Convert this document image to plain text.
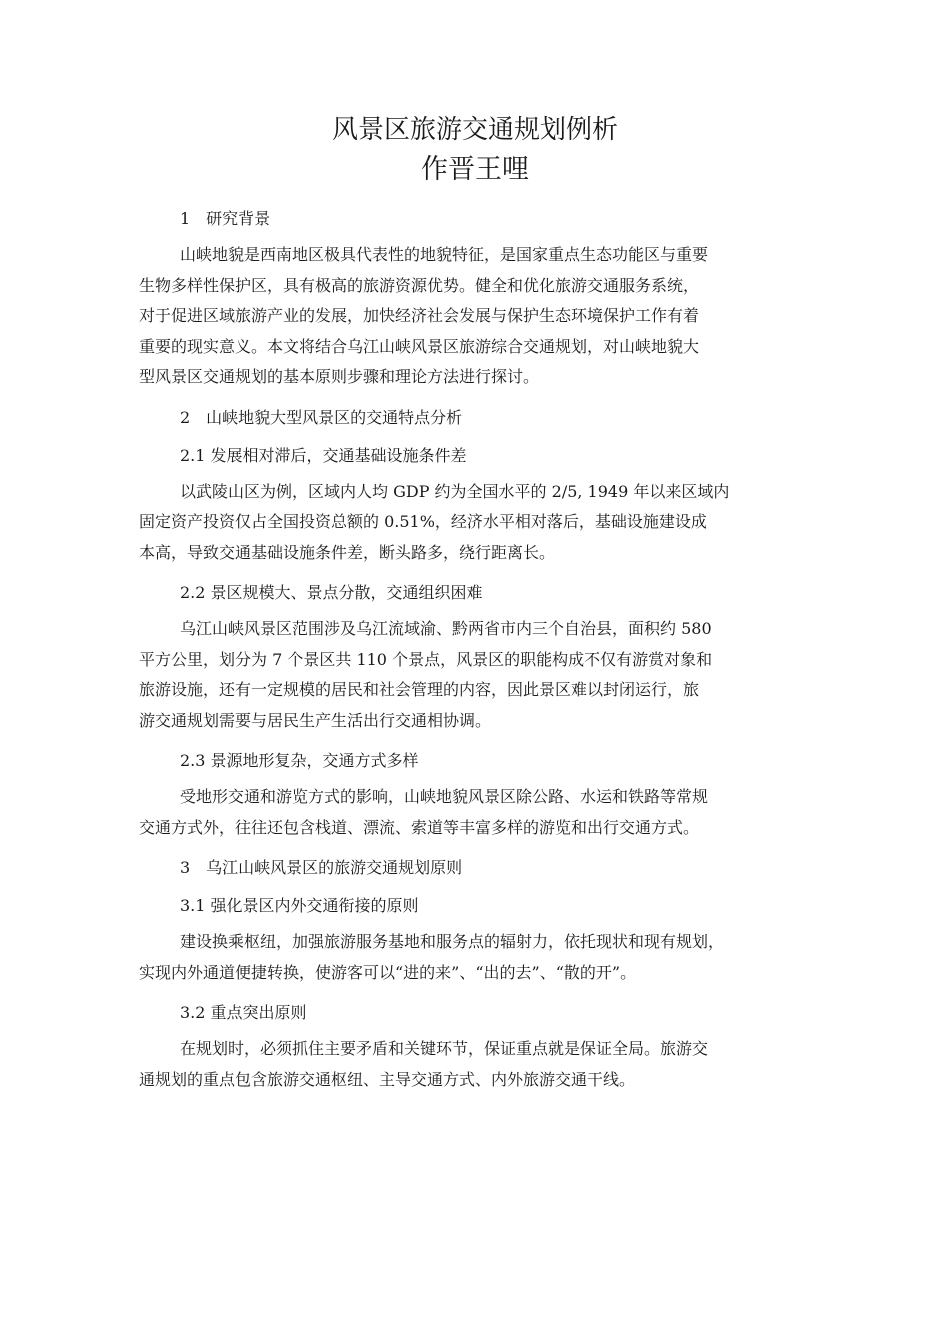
风景区旅游交通规划例析
作晋王哩
1　研究背景

山峡地貌是西南地区极具代表性的地貌特征，是国家重点生态功能区与重要
生物多样性保护区，具有极高的旅游资源优势。健全和优化旅游交通服务系统，
对于促进区域旅游产业的发展，加快经济社会发展与保护生态环境保护工作有着
重要的现实意义。本文将结合乌江山峡风景区旅游综合交通规划，对山峡地貌大
型风景区交通规划的基本原则步骤和理论方法进行探讨。

2　山峡地貌大型风景区的交通特点分析
2.1 发展相对滞后，交通基础设施条件差

以武陵山区为例，区域内人均 GDP 约为全国水平的 2/5, 1949 年以来区域内
固定资产投资仅占全国投资总额的 0.51%，经济水平相对落后，基础设施建设成
本高，导致交通基础设施条件差，断头路多，绕行距离长。

2.2 景区规模大、景点分散，交通组织困难

乌江山峡风景区范围涉及乌江流域渝、黔两省市内三个自治县，面积约 580
平方公里，划分为 7 个景区共 110 个景点，风景区的职能构成不仅有游赏对象和
旅游设施，还有一定规模的居民和社会管理的内容，因此景区难以封闭运行，旅
游交通规划需要与居民生产生活出行交通相协调。

2.3 景源地形复杂，交通方式多样

受地形交通和游览方式的影响，山峡地貌风景区除公路、水运和铁路等常规
交通方式外，往往还包含栈道、漂流、索道等丰富多样的游览和出行交通方式。

3　乌江山峡风景区的旅游交通规划原则
3.1 强化景区内外交通衔接的原则

建设换乘枢纽，加强旅游服务基地和服务点的辐射力，依托现状和现有规划，
实现内外通道便捷转换，使游客可以“进的来”、“出的去”、“散的开”。

3.2 重点突出原则

在规划时，必须抓住主要矛盾和关键环节，保证重点就是保证全局。旅游交
通规划的重点包含旅游交通枢纽、主导交通方式、内外旅游交通干线。
